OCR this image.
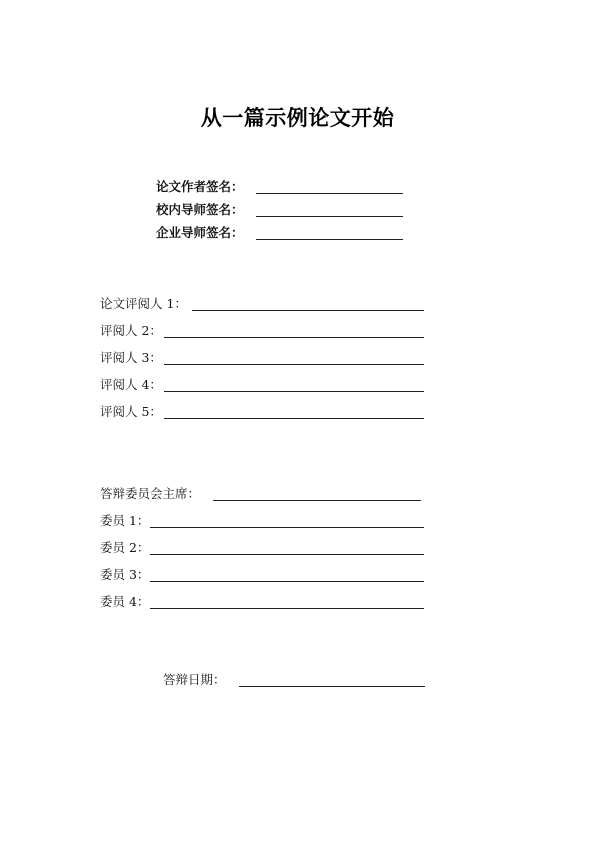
从一篇示例论文开始
论文作者签名：
校内导师签名：
企业导师签名：
论文评阅人 1：
评阅人 2：
评阅人 3：
评阅人 4：
评阅人 5：
答辩委员会主席：
委员 1：
委员 2：
委员 3：
委员 4：
答辩日期：
